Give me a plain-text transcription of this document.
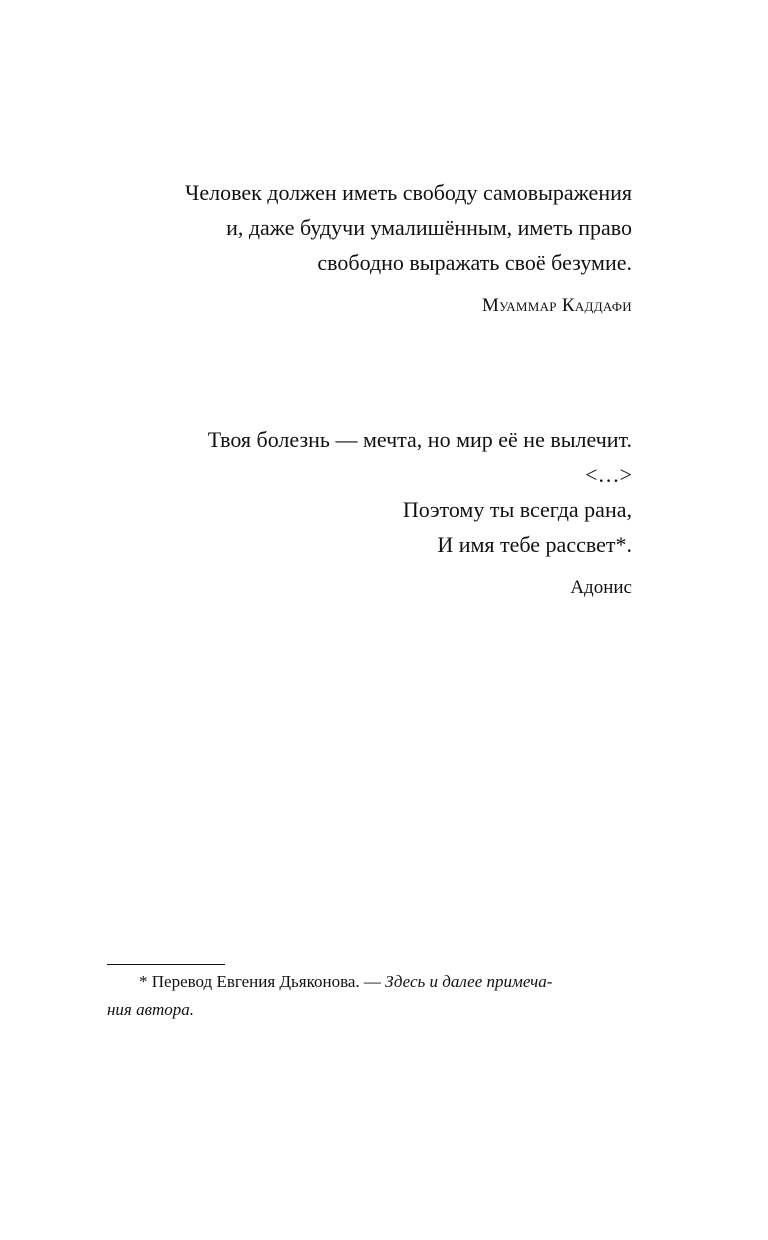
Человек должен иметь свободу самовыражения
и, даже будучи умалишённым, иметь право
свободно выражать своё безумие.
Муаммар Каддафи
Твоя болезнь — мечта, но мир её не вылечит.
<…>
Поэтому ты всегда рана,
И имя тебе рассвет*.
Адонис
* Перевод Евгения Дьяконова. — Здесь и далее примеча-
ния автора.
